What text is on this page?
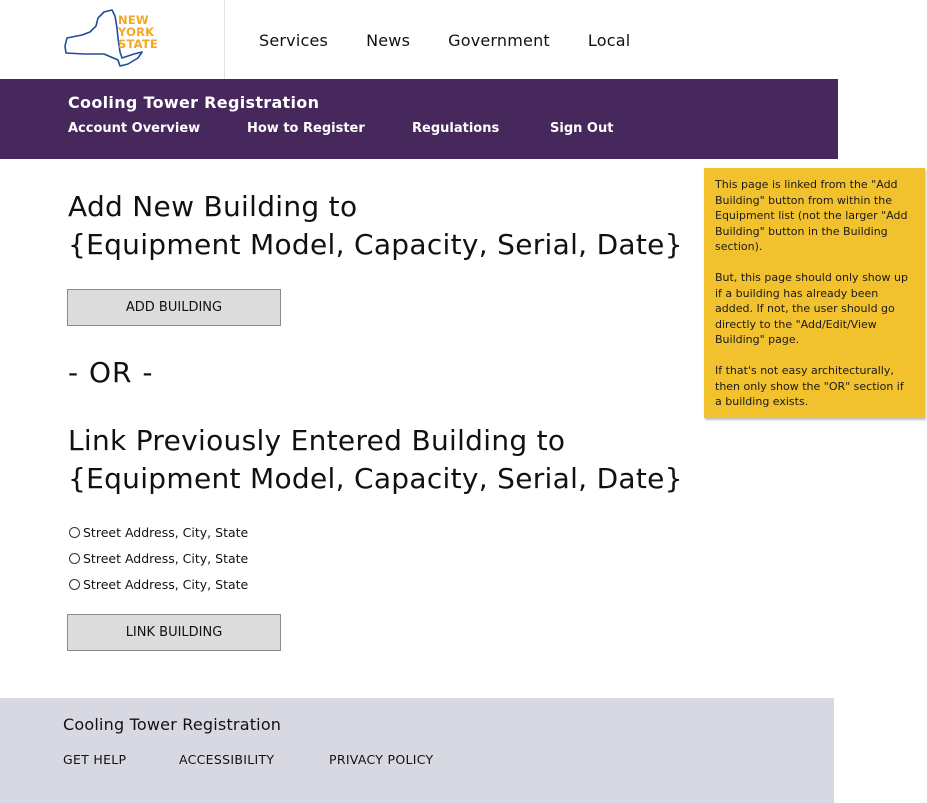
NEW
YORK
STATE	Services News Government Local
Cooling Tower Registration
Account Overview	How to Register	Regulations	Sign Out
Add New Building to
{Equipment Model, Capacity, Serial, Date}
ADD BUILDING
- OR -
Link Previously Entered Building to
{Equipment Model, Capacity, Serial, Date}
Street Address, City, State
Street Address, City, State
Street Address, City, State
LINK BUILDING

This page is linked from the "Add Building" button from within the Equipment list (not the larger "Add Building" button in the Building section).

But, this page should only show up if a building has already been added. If not, the user should go directly to the "Add/Edit/View Building" page.

If that's not easy architecturally, then only show the "OR" section if a building exists.

Cooling Tower Registration
GET HELP	ACCESSIBILITY	PRIVACY POLICY
